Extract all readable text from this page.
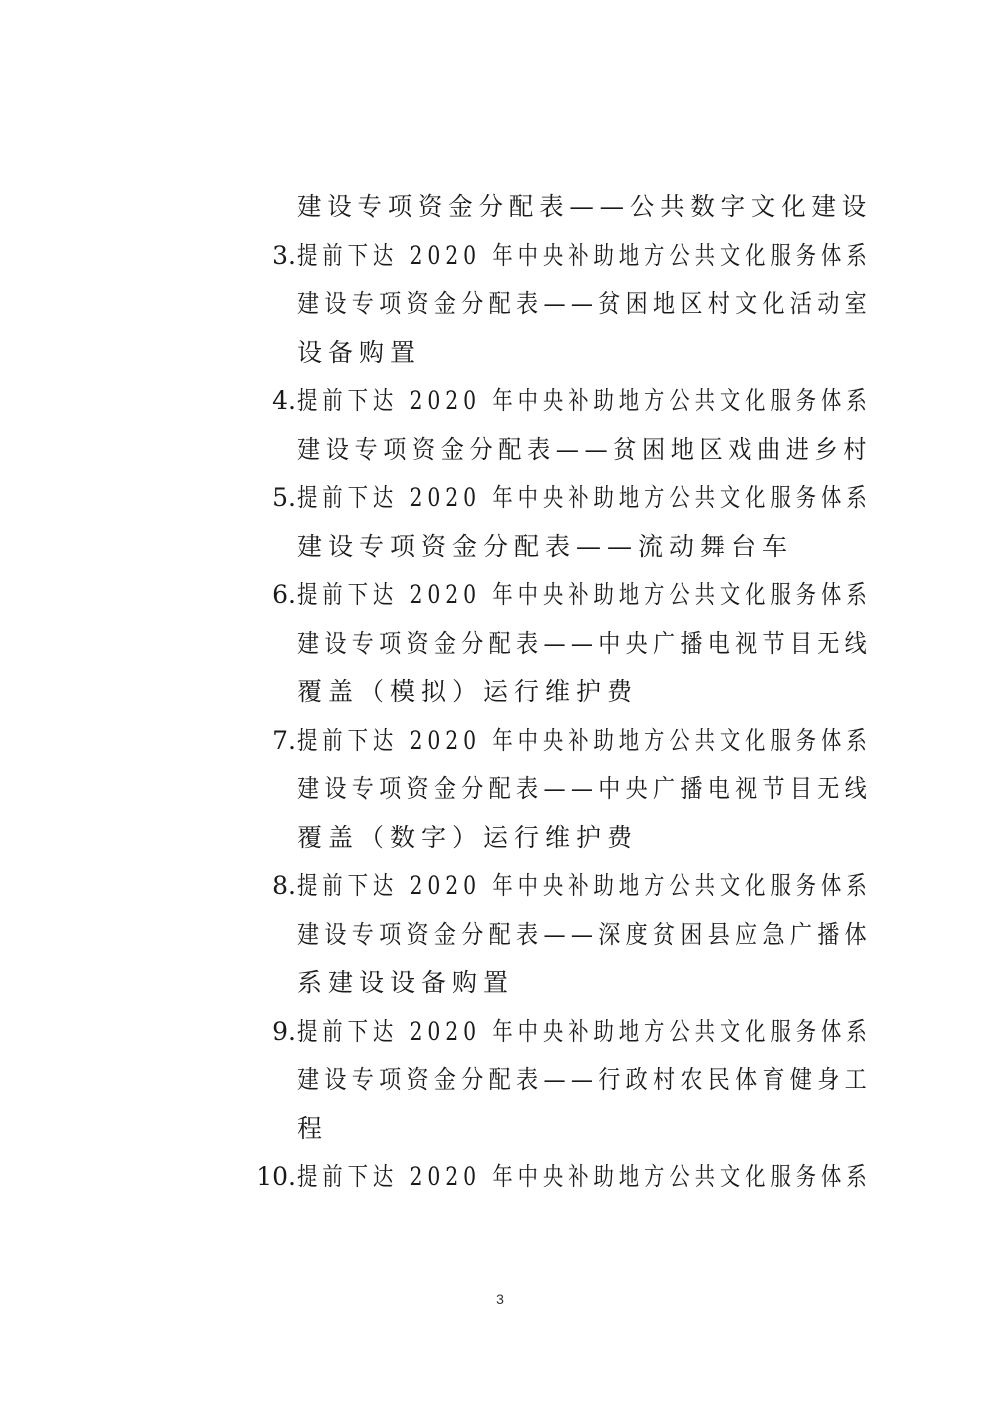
建设专项资金分配表——公共数字文化建设
3. 提前下达 2020 年中央补助地方公共文化服务体系
建设专项资金分配表——贫困地区村文化活动室
设备购置
4. 提前下达 2020 年中央补助地方公共文化服务体系
建设专项资金分配表——贫困地区戏曲进乡村
5. 提前下达 2020 年中央补助地方公共文化服务体系
建设专项资金分配表——流动舞台车
6. 提前下达 2020 年中央补助地方公共文化服务体系
建设专项资金分配表——中央广播电视节目无线
覆盖（模拟）运行维护费
7. 提前下达 2020 年中央补助地方公共文化服务体系
建设专项资金分配表——中央广播电视节目无线
覆盖（数字）运行维护费
8. 提前下达 2020 年中央补助地方公共文化服务体系
建设专项资金分配表——深度贫困县应急广播体
系建设设备购置
9. 提前下达 2020 年中央补助地方公共文化服务体系
建设专项资金分配表——行政村农民体育健身工
程
10. 提前下达 2020 年中央补助地方公共文化服务体系
3
